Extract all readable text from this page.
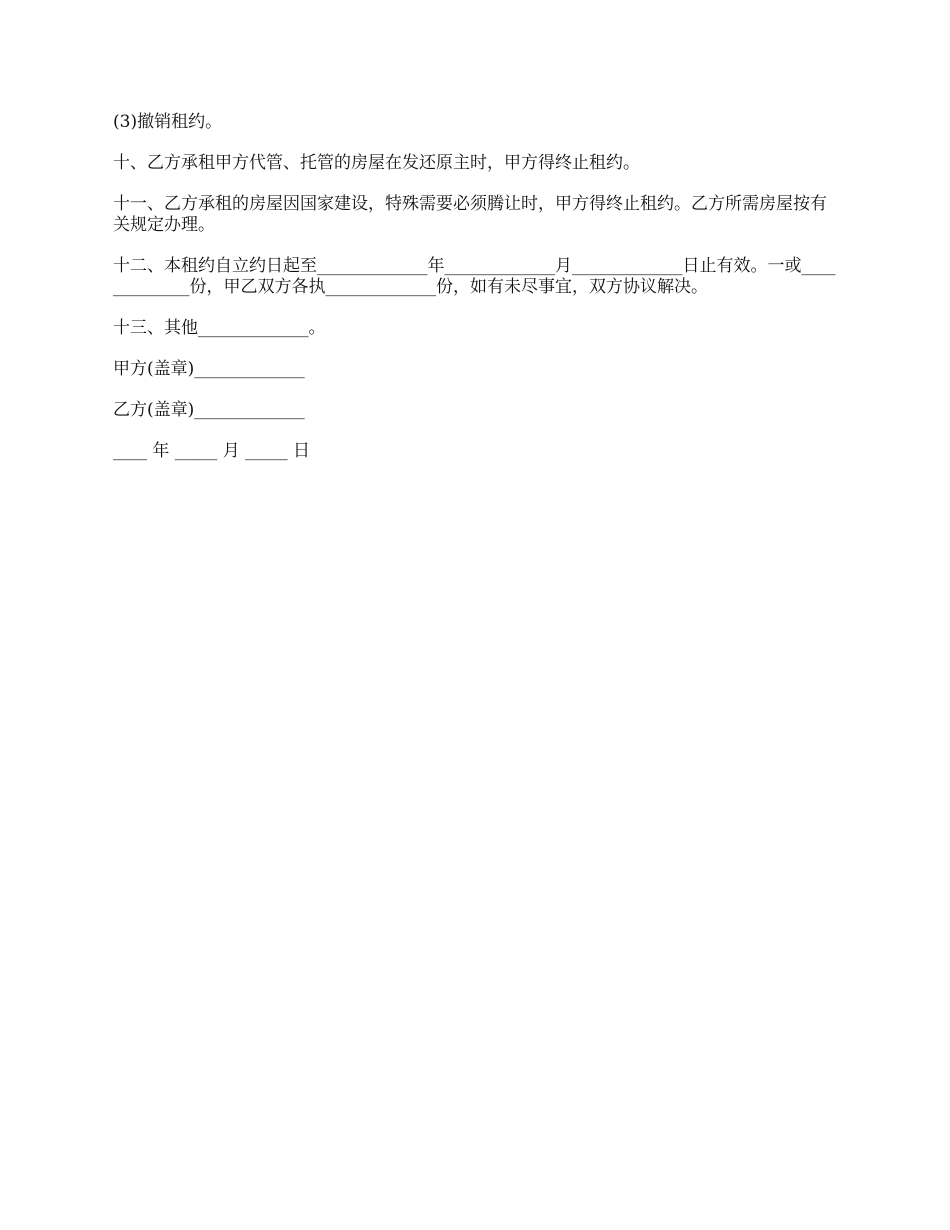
(3)撤销租约。

十、乙方承租甲方代管、托管的房屋在发还原主时，甲方得终止租约。

十一、乙方承租的房屋因国家建设，特殊需要必须腾让时，甲方得终止租约。乙方所需房屋按有关规定办理。

十二、本租约自立约日起至_____________年_____________月_____________日止有效。一或_____________份，甲乙双方各执_____________份，如有未尽事宜，双方协议解决。

十三、其他_____________。

甲方(盖章)_____________

乙方(盖章)_____________

____ 年 _____ 月 _____ 日
